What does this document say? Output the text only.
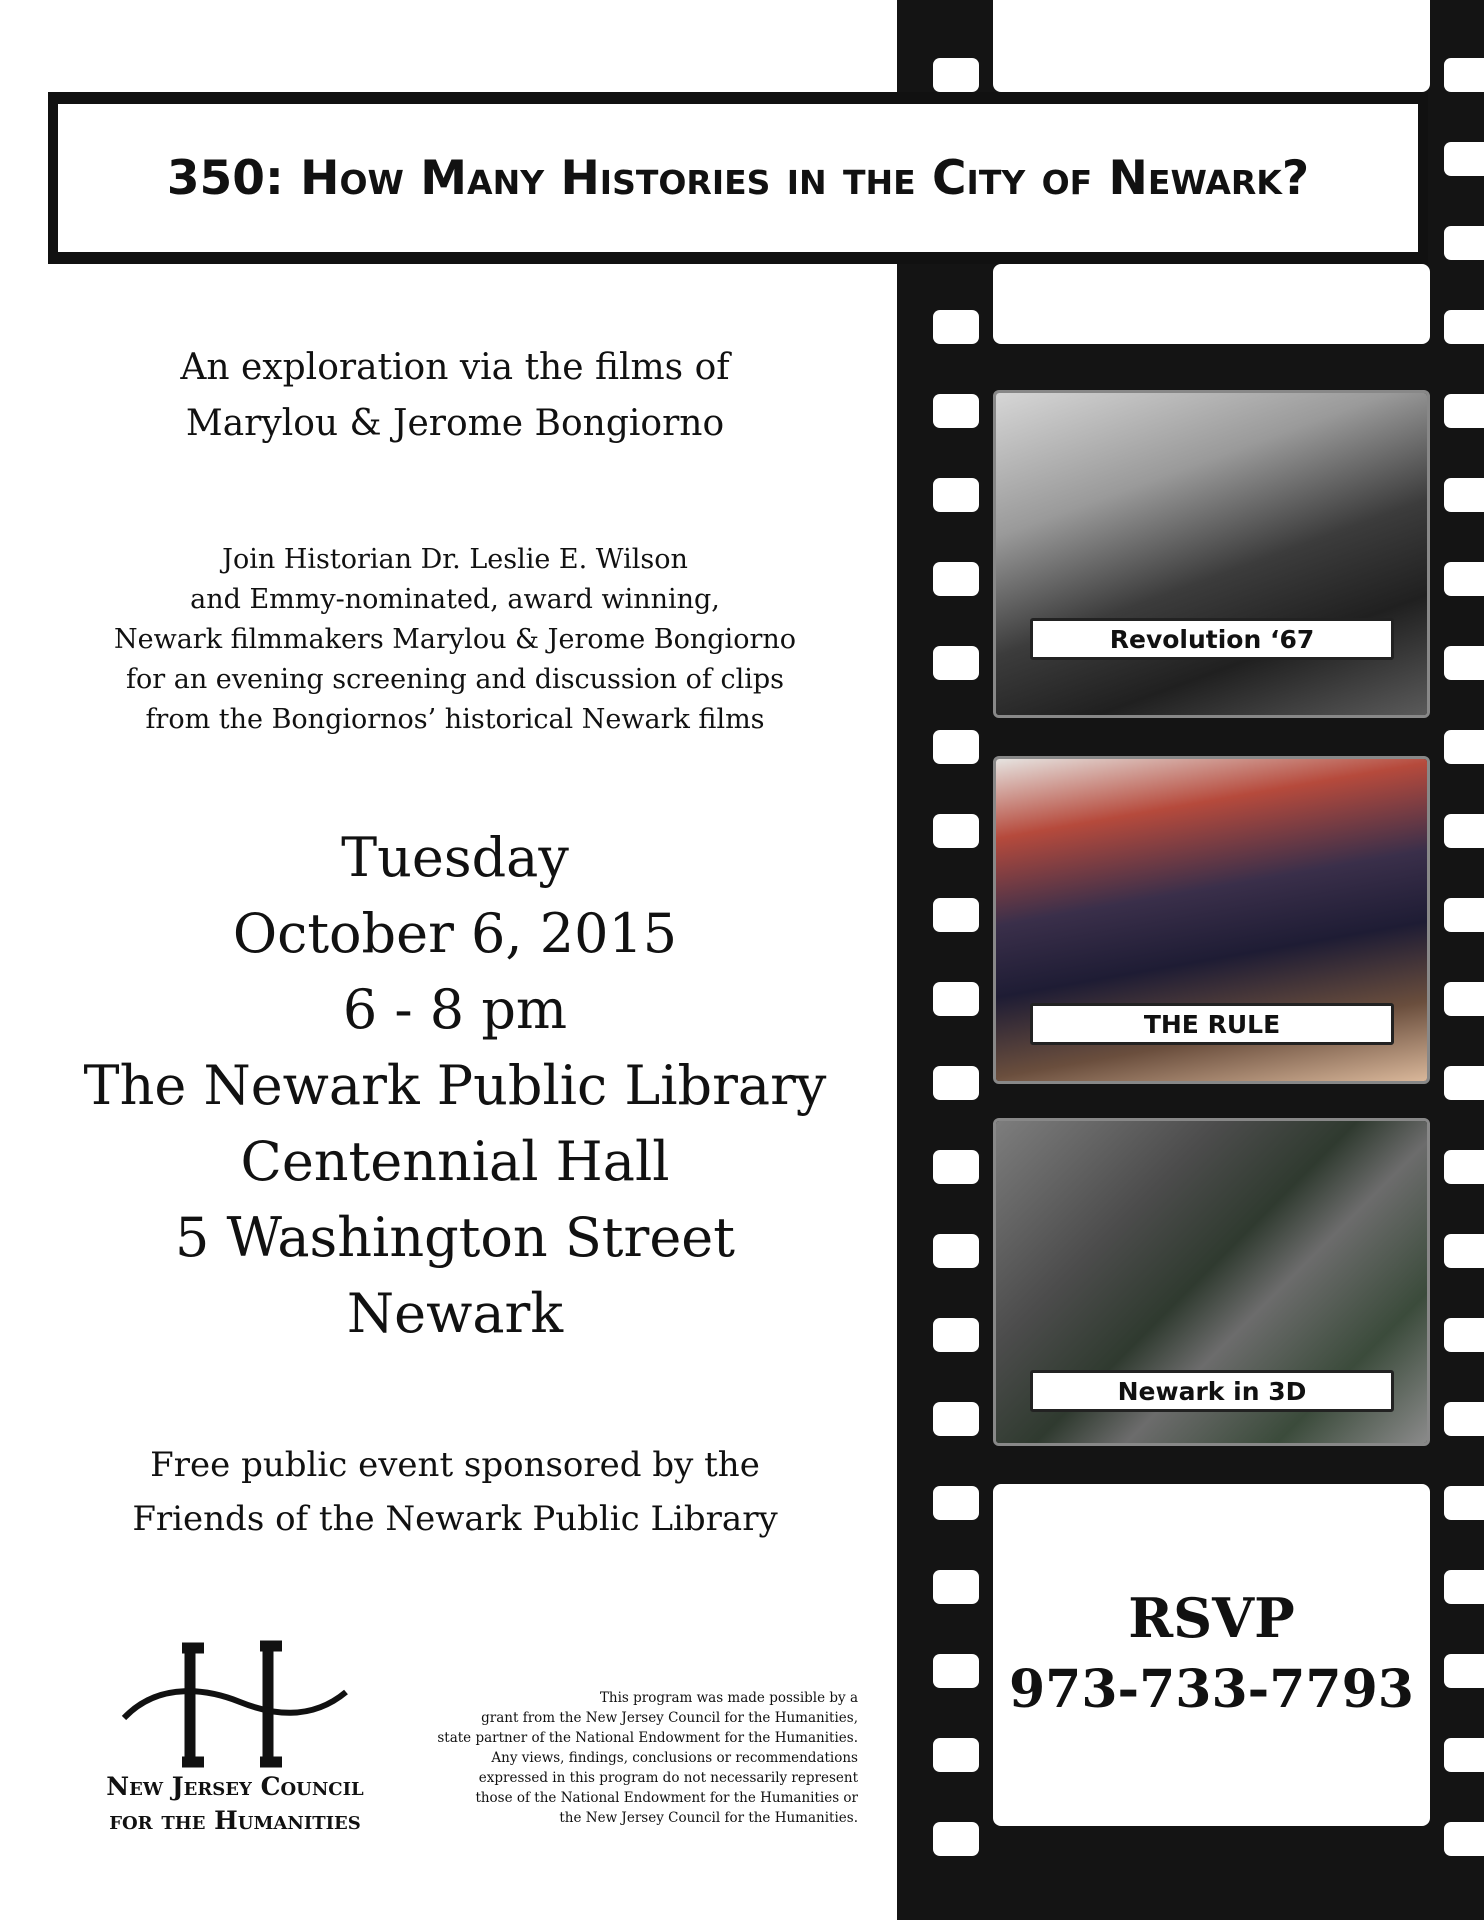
Revolution ‘67
THE RULE
Newark in 3D
350: How Many Histories in the City of Newark?
An exploration via the films of
Marylou & Jerome Bongiorno
Join Historian Dr. Leslie E. Wilson
and Emmy-nominated, award winning,
Newark filmmakers Marylou & Jerome Bongiorno
for an evening screening and discussion of clips
from the Bongiornos’ historical Newark films
Tuesday
October 6, 2015
6 - 8 pm
The Newark Public Library
Centennial Hall
5 Washington Street
Newark
Free public event sponsored by the
Friends of the Newark Public Library
New Jersey Council
for the Humanities
This program was made possible by a
grant from the New Jersey Council for the Humanities,
state partner of the National Endowment for the Humanities.
Any views, findings, conclusions or recommendations
expressed in this program do not necessarily represent
those of the National Endowment for the Humanities or
the New Jersey Council for the Humanities.
RSVP
973-733-7793
